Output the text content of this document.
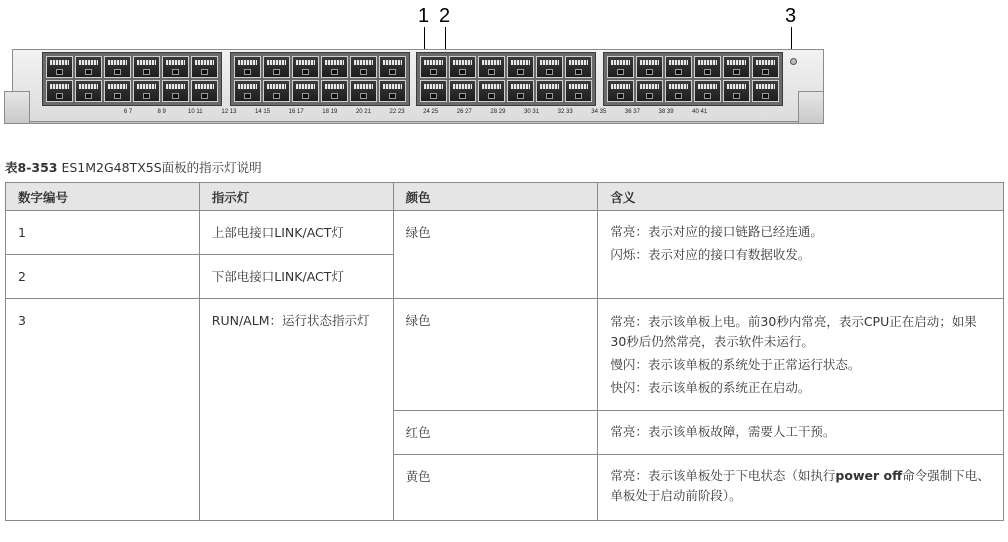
1 2	3
6 7	8 9	10 11	12 13	14 15	16 17	18 19	20 21	22 23	24 25	26 27	28 29	30 31	32 33	34 35	36 37	38 39	40 41
表8-353 ES1M2G48TX5S面板的指示灯说明
数字编号	指示灯	颜色	含义
1	上部电接口LINK/ACT灯	绿色	常亮：表示对应的接口链路已经连通。

闪烁：表示对应的接口有数据收发。

2	下部电接口LINK/ACT灯		
3	RUN/ALM：运行状态指示灯	绿色	常亮：表示该单板上电。前30秒内常亮，表示CPU正在启动；如果30秒后仍然常亮，表示软件未运行。

慢闪：表示该单板的系统处于正常运行状态。

快闪：表示该单板的系统正在启动。

		红色	常亮：表示该单板故障，需要人工干预。

		黄色	常亮：表示该单板处于下电状态（如执行power off命令强制下电、单板处于启动前阶段）。
